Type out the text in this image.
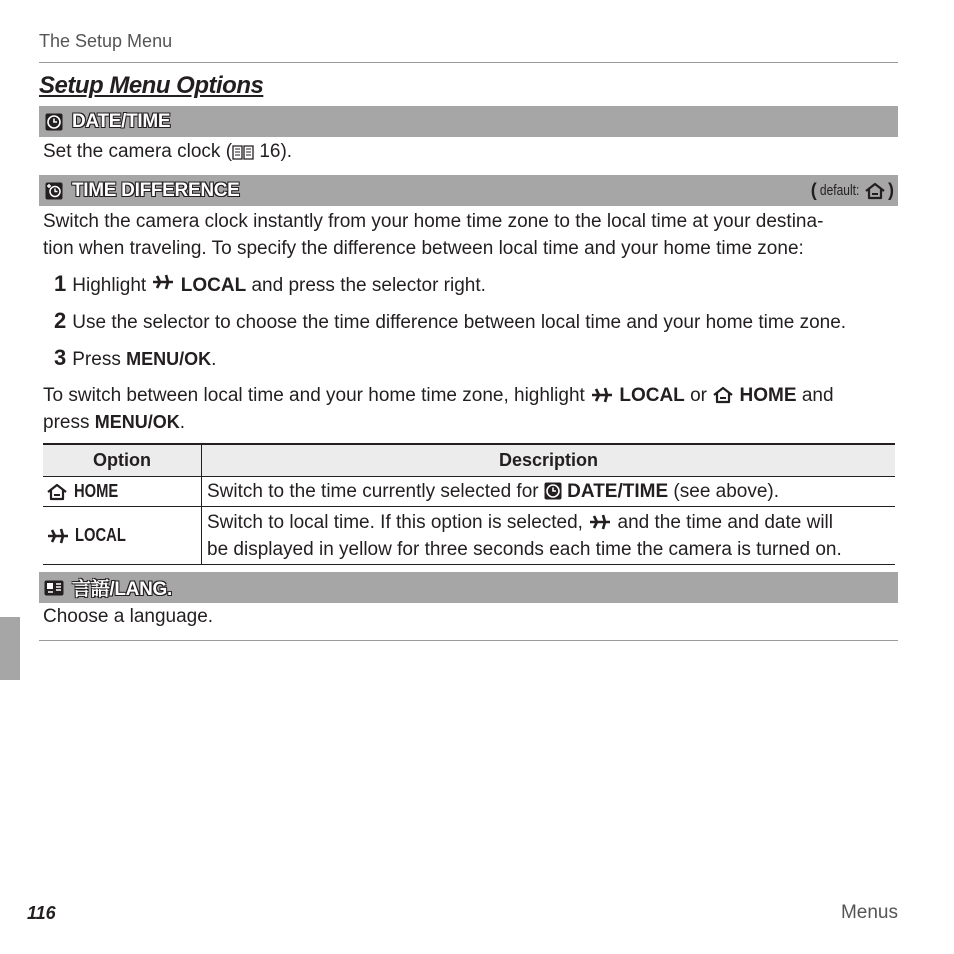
The Setup Menu
Setup Menu Options
DATE/TIME
Set the camera clock ( 16).
TIME DIFFERENCE	( default: )
Switch the camera clock instantly from your home time zone to the local time at your destina-
tion when traveling. To specify the difference between local time and your home time zone:
1 Highlight

LOCAL
and press the selector right.
2 Use the selector to choose the time difference between local time and your home time zone.
3 Press
MENU/OK .
To switch between local time and your home time zone, highlight LOCAL or HOME and
press MENU/OK.
Option	Description

HOME	Switch to the time currently selected for DATE/TIME (see above).

LOCAL	Switch to local time. If this option is selected, and the time and date will
be displayed in yellow for three seconds each time the camera is turned on.
言語/LANG.
Choose a language.
116	Menus
